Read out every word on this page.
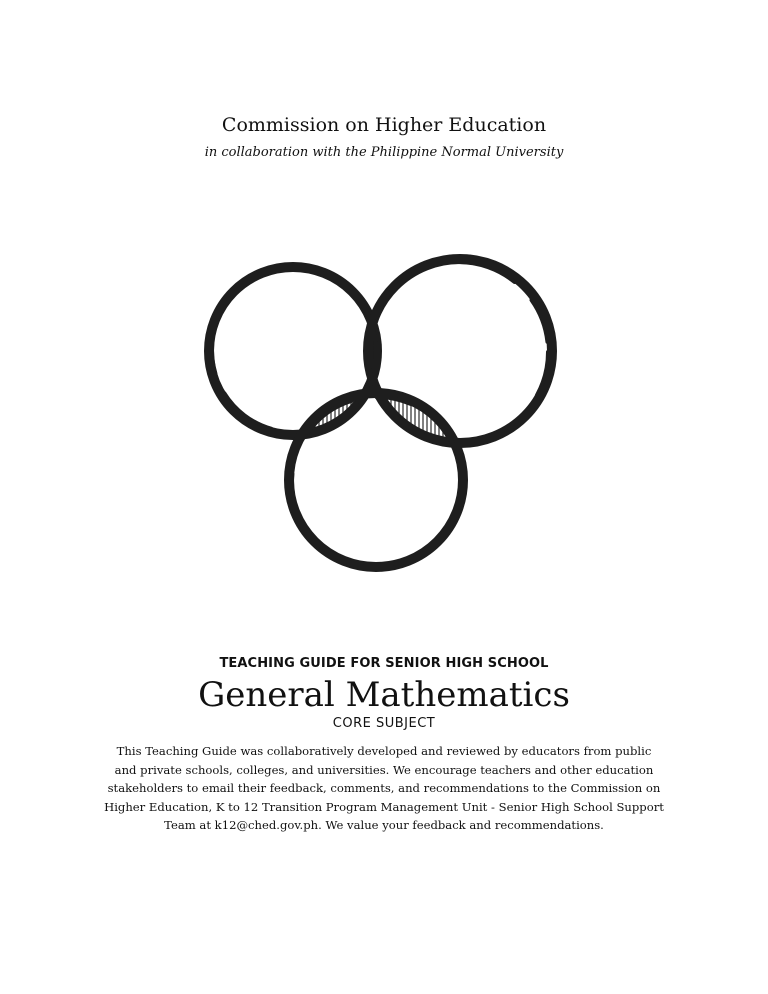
Commission on Higher Education
in collaboration with the Philippine Normal University
TEACHING GUIDE FOR SENIOR HIGH SCHOOL
General Mathematics
CORE SUBJECT
This Teaching Guide was collaboratively developed and reviewed by educators from public and private schools, colleges, and universities. We encourage teachers and other education stakeholders to email their feedback, comments, and recommendations to the Commission on Higher Education, K to 12 Transition Program Management Unit - Senior High School Support Team at k12@ched.gov.ph. We value your feedback and recommendations.
